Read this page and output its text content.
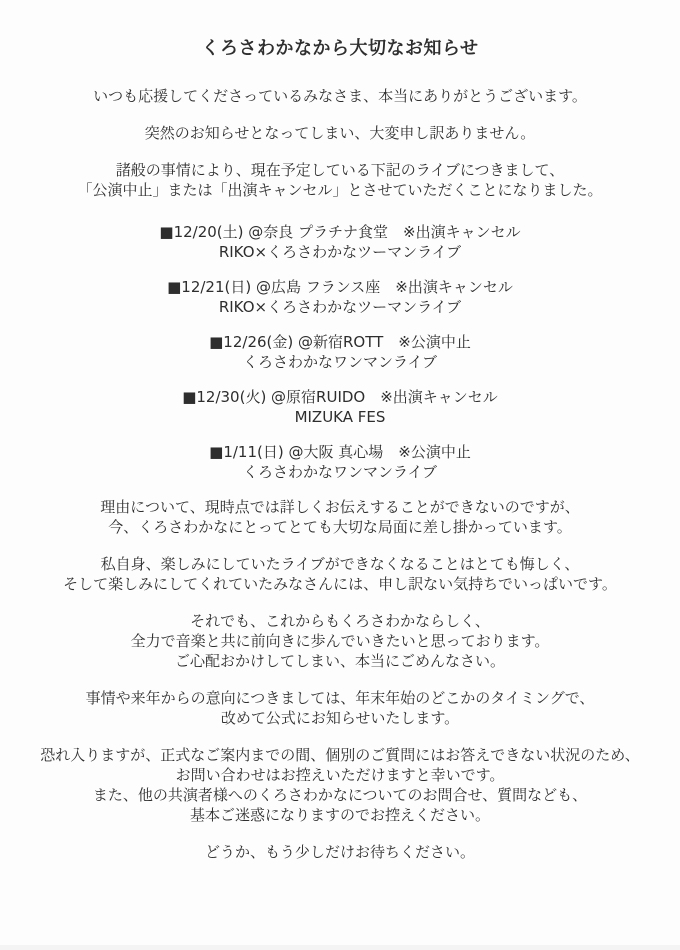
くろさわかなから大切なお知らせ
いつも応援してくださっているみなさま、本当にありがとうございます。
突然のお知らせとなってしまい、大変申し訳ありません。
諸般の事情により、現在予定している下記のライブにつきまして、
「公演中止」または「出演キャンセル」とさせていただくことになりました。
■12/20(土) @奈良 プラチナ食堂　※出演キャンセル
RIKO×くろさわかなツーマンライブ
■12/21(日) @広島 フランス座　※出演キャンセル
RIKO×くろさわかなツーマンライブ
■12/26(金) @新宿ROTT　※公演中止
くろさわかなワンマンライブ
■12/30(火) @原宿RUIDO　※出演キャンセル
MIZUKA FES
■1/11(日) @大阪 真心場　※公演中止
くろさわかなワンマンライブ
理由について、現時点では詳しくお伝えすることができないのですが、
今、くろさわかなにとってとても大切な局面に差し掛かっています。
私自身、楽しみにしていたライブができなくなることはとても悔しく、
そして楽しみにしてくれていたみなさんには、申し訳ない気持ちでいっぱいです。
それでも、これからもくろさわかならしく、
全力で音楽と共に前向きに歩んでいきたいと思っております。
ご心配おかけしてしまい、本当にごめんなさい。
事情や来年からの意向につきましては、年末年始のどこかのタイミングで、
改めて公式にお知らせいたします。
恐れ入りますが、正式なご案内までの間、個別のご質問にはお答えできない状況のため、
お問い合わせはお控えいただけますと幸いです。
また、他の共演者様へのくろさわかなについてのお問合せ、質問なども、
基本ご迷惑になりますのでお控えください。
どうか、もう少しだけお待ちください。
